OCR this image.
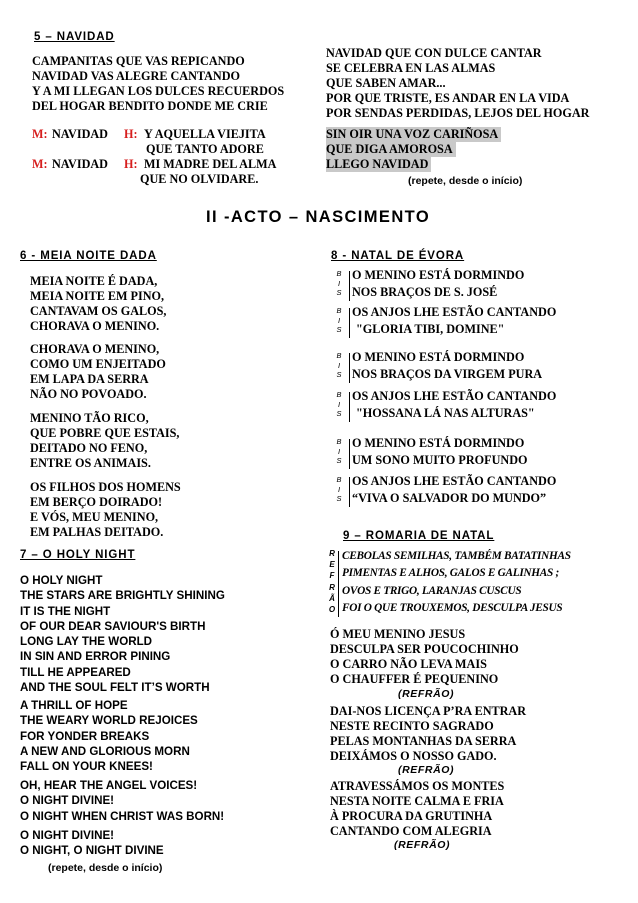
5 – NAVIDAD
CAMPANITAS QUE VAS REPICANDO
NAVIDAD VAS ALEGRE CANTANDO
Y A MI LLEGAN LOS DULCES RECUERDOS
DEL HOGAR BENDITO DONDE ME CRIE
M: NAVIDAD H: Y AQUELLA VIEJITA
QUE TANTO ADORE
M: NAVIDAD H: MI MADRE DEL ALMA
QUE NO OLVIDARE.
NAVIDAD QUE CON DULCE CANTAR
SE CELEBRA EN LAS ALMAS
QUE SABEN AMAR...
POR QUE TRISTE, ES ANDAR EN LA VIDA
POR SENDAS PERDIDAS, LEJOS DEL HOGAR
SIN OIR UNA VOZ CARIÑOSA
QUE DIGA AMOROSA
LLEGO NAVIDAD
(repete, desde o início)
II -ACTO – NASCIMENTO
6 - MEIA NOITE DADA
MEIA NOITE É DADA,
MEIA NOITE EM PINO,
CANTAVAM OS GALOS,
CHORAVA O MENINO.
CHORAVA O MENINO,
COMO UM ENJEITADO
EM LAPA DA SERRA
NÃO NO POVOADO.
MENINO TÃO RICO,
QUE POBRE QUE ESTAIS,
DEITADO NO FENO,
ENTRE OS ANIMAIS.
OS FILHOS DOS HOMENS
EM BERÇO DOIRADO!
E VÓS, MEU MENINO,
EM PALHAS DEITADO.
7 – O HOLY NIGHT
O HOLY NIGHT
THE STARS ARE BRIGHTLY SHINING
IT IS THE NIGHT
OF OUR DEAR SAVIOUR'S BIRTH
LONG LAY THE WORLD
IN SIN AND ERROR PINING
TILL HE APPEARED
AND THE SOUL FELT IT’S WORTH
A THRILL OF HOPE
THE WEARY WORLD REJOICES
FOR YONDER BREAKS
A NEW AND GLORIOUS MORN
FALL ON YOUR KNEES!
OH, HEAR THE ANGEL VOICES!
O NIGHT DIVINE!
O NIGHT WHEN CHRIST WAS BORN!
O NIGHT DIVINE!
O NIGHT, O NIGHT DIVINE
(repete, desde o início)
8 - NATAL DE ÉVORA
B
I
S
O MENINO ESTÁ DORMINDO
NOS BRAÇOS DE S. JOSÉ
B
I
S
OS ANJOS LHE ESTÃO CANTANDO
"GLORIA TIBI, DOMINE"
B
I
S
O MENINO ESTÁ DORMINDO
NOS BRAÇOS DA VIRGEM PURA
B
I
S
OS ANJOS LHE ESTÃO CANTANDO
"HOSSANA LÁ NAS ALTURAS"
B
I
S
O MENINO ESTÁ DORMINDO
UM SONO MUITO PROFUNDO
B
I
S
OS ANJOS LHE ESTÃO CANTANDO
“VIVA O SALVADOR DO MUNDO”
9 – ROMARIA DE NATAL
R
E
F
R
Ã
O
CEBOLAS SEMILHAS, TAMBÉM BATATINHAS
PIMENTAS E ALHOS, GALOS E GALINHAS ;
OVOS E TRIGO, LARANJAS CUSCUS
FOI O QUE TROUXEMOS, DESCULPA JESUS
Ó MEU MENINO JESUS
DESCULPA SER POUCOCHINHO
O CARRO NÃO LEVA MAIS
O CHAUFFER É PEQUENINO
(REFRÃO)
DAI-NOS LICENÇA P’RA ENTRAR
NESTE RECINTO SAGRADO
PELAS MONTANHAS DA SERRA
DEIXÁMOS O NOSSO GADO.
(REFRÃO)
ATRAVESSÁMOS OS MONTES
NESTA NOITE CALMA E FRIA
À PROCURA DA GRUTINHA
CANTANDO COM ALEGRIA
(REFRÃO)
